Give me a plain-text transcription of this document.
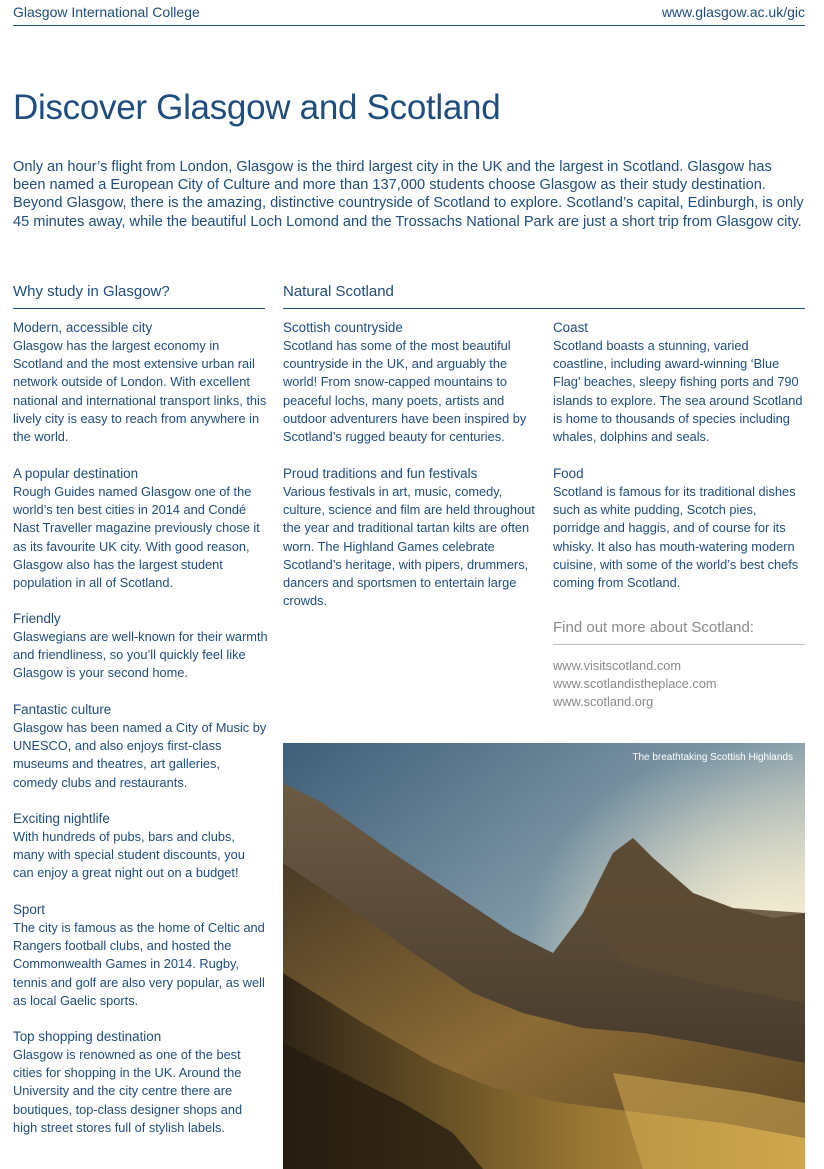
Glasgow International College	www.glasgow.ac.uk/gic
Discover Glasgow and Scotland

Only an hour’s flight from London, Glasgow is the third largest city in the UK and the largest in Scotland. Glasgow has been named a European City of Culture and more than 137,000 students choose Glasgow as their study destination. Beyond Glasgow, there is the amazing, distinctive countryside of Scotland to explore. Scotland’s capital, Edinburgh, is only 45 minutes away, while the beautiful Loch Lomond and the Trossachs National Park are just a short trip from Glasgow city.

Why study in Glasgow?	Natural Scotland
Modern, accessible city

Glasgow has the largest economy in Scotland and the most extensive urban rail network outside of London. With excellent national and international transport links, this lively city is easy to reach from anywhere in the world.

A popular destination

Rough Guides named Glasgow one of the world’s ten best cities in 2014 and Condé Nast Traveller magazine previously chose it as its favourite UK city. With good reason, Glasgow also has the largest student population in all of Scotland.

Friendly

Glaswegians are well-known for their warmth and friendliness, so you’ll quickly feel like Glasgow is your second home.

Fantastic culture

Glasgow has been named a City of Music by UNESCO, and also enjoys first-class museums and theatres, art galleries, comedy clubs and restaurants.

Exciting nightlife

With hundreds of pubs, bars and clubs, many with special student discounts, you can enjoy a great night out on a budget!

Sport

The city is famous as the home of Celtic and Rangers football clubs, and hosted the Commonwealth Games in 2014. Rugby, tennis and golf are also very popular, as well as local Gaelic sports.

Top shopping destination

Glasgow is renowned as one of the best cities for shopping in the UK. Around the University and the city centre there are boutiques, top-class designer shops and high street stores full of stylish labels.

Scottish countryside

Scotland has some of the most beautiful countryside in the UK, and arguably the world! From snow-capped mountains to peaceful lochs, many poets, artists and outdoor adventurers have been inspired by Scotland’s rugged beauty for centuries.

Proud traditions and fun festivals

Various festivals in art, music, comedy, culture, science and film are held throughout the year and traditional tartan kilts are often worn. The Highland Games celebrate Scotland’s heritage, with pipers, drummers, dancers and sportsmen to entertain large crowds.

Coast

Scotland boasts a stunning, varied coastline, including award-winning ‘Blue Flag’ beaches, sleepy fishing ports and 790 islands to explore. The sea around Scotland is home to thousands of species including whales, dolphins and seals.

Food

Scotland is famous for its traditional dishes such as white pudding, Scotch pies, porridge and haggis, and of course for its whisky. It also has mouth-watering modern cuisine, with some of the world’s best chefs coming from Scotland.

Find out more about Scotland:
www.visitscotland.com
www.scotlandistheplace.com
www.scotland.org
The breathtaking Scottish Highlands
